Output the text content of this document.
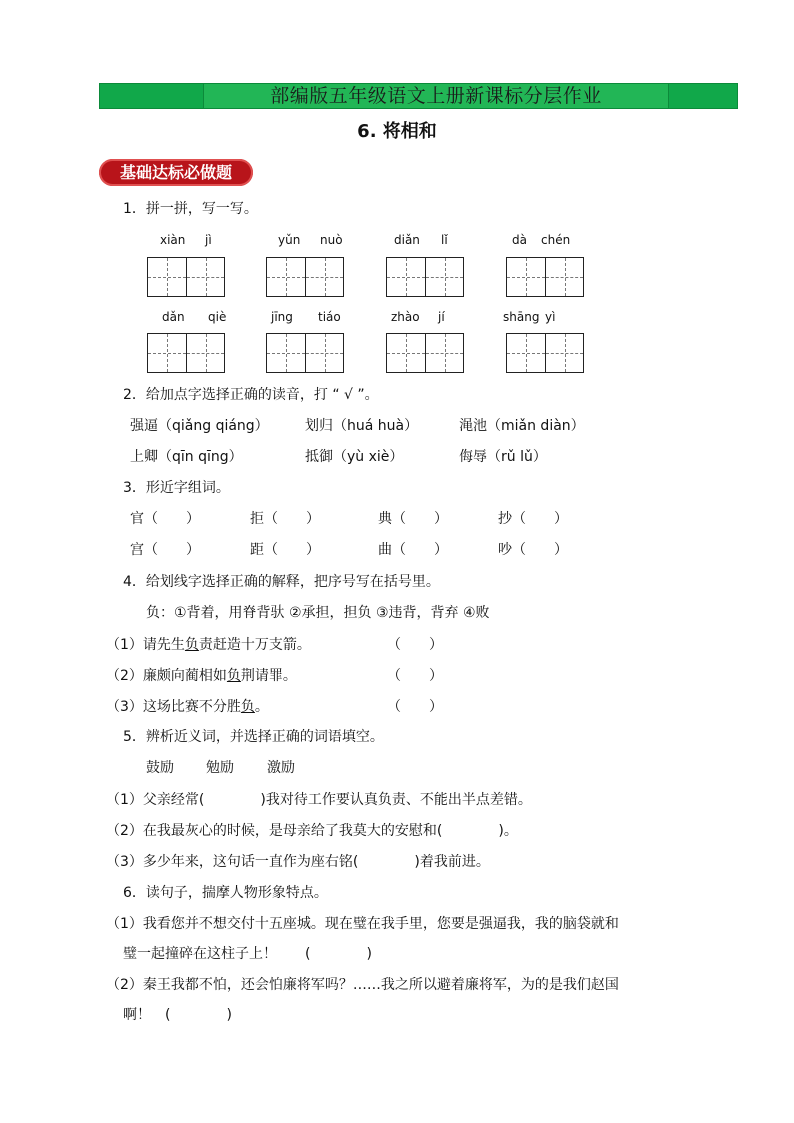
部编版五年级语文上册新课标分层作业
6. 将相和
基础达标必做题
1．拼一拼，写一写。
xiàn jì	yǔn nuò	diǎn lǐ	dà chén
dǎn qiè	jīng tiáo	zhào jí	shāng yì
2．给加点字选择正确的读音，打 “ √ ”。
强逼（qiǎng qiáng）	划归（huá huà）	渑池（miǎn diàn）
上卿（qīn qīng）	抵御（yù xiè）	侮辱（rǔ lǔ）
3．形近字组词。
官（　　）	拒（　　）	典（　　）	抄（　　）
宫（　　）	距（　　）	曲（　　）	吵（　　）
4．给划线字选择正确的解释，把序号写在括号里。
负：①背着，用脊背驮 ②承担，担负 ③违背，背弃 ④败
（1）请先生负责赶造十万支箭。	（　　）
（2）廉颇向蔺相如负荆请罪。	（　　）
（3）这场比赛不分胜负。	（　　）
5．辨析近义词，并选择正确的词语填空。
鼓励 勉励 激励
（1）父亲经常(　　　　)我对待工作要认真负责、不能出半点差错。
（2）在我最灰心的时候，是母亲给了我莫大的安慰和(　　　　)。
（3）多少年来，这句话一直作为座右铭(　　　　)着我前进。
6．读句子，揣摩人物形象特点。
（1）我看您并不想交付十五座城。现在璧在我手里，您要是强逼我，我的脑袋就和
璧一起撞碎在这柱子上！　　(　　　　)
（2）秦王我都不怕，还会怕廉将军吗？……我之所以避着廉将军，为的是我们赵国
啊！　(　　　　)
